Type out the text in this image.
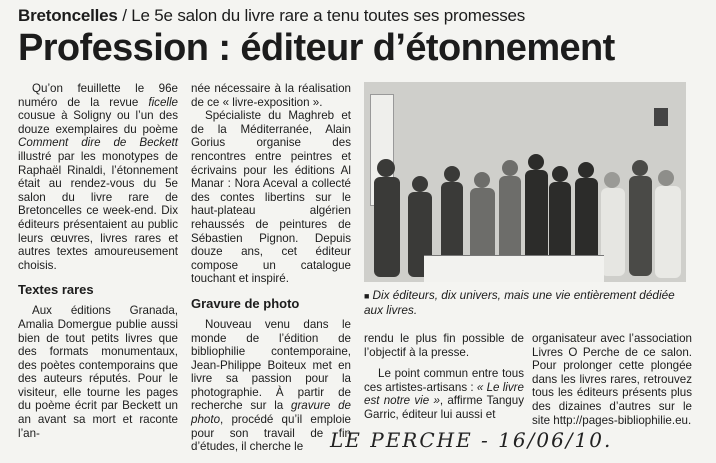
Bretoncelles / Le 5e salon du livre rare a tenu toutes ses promesses
Profession : éditeur d’étonnement

Qu’on feuillette le 96e numéro de la revue ficelle cousue à Soligny ou l’un des douze exemplaires du poème Comment dire de Beckett illustré par les monotypes de Raphaël Rinaldi, l’étonnement était au rendez-vous du 5e salon du livre rare de Bretoncelles ce week-end. Dix éditeurs présentaient au public leurs œuvres, livres rares et autres textes amoureusement choisis.

Textes rares

Aux éditions Granada, Amalia Domergue publie aussi bien de tout petits livres que des formats monumentaux, des poètes contemporains que des auteurs réputés. Pour le visiteur, elle tourne les pages du poème écrit par Beckett un an avant sa mort et raconte l’an-

née nécessaire à la réalisation de ce « livre-exposition ».

Spécialiste du Maghreb et de la Méditerranée, Alain Gorius organise des rencontres entre peintres et écrivains pour les éditions Al Manar : Nora Aceval a collecté des contes libertins sur le haut-plateau algérien rehaussés de peintures de Sébastien Pignon. Depuis douze ans, cet éditeur compose un catalogue touchant et inspiré.

Gravure de photo

Nouveau venu dans le monde de l’édition de bibliophilie contemporaine, Jean-Philippe Boiteux met en livre sa passion pour la photographie. À partir de recherche sur la gravure de photo, procédé qu’il emploie pour son travail de fin d’études, il cherche le

■ Dix éditeurs, dix univers, mais une vie entièrement dédiée aux livres.

rendu le plus fin possible de l’objectif à la presse.

Le point commun entre tous ces artistes-artisans : « Le livre est notre vie », affirme Tanguy Garric, éditeur lui aussi et

organisateur avec l’association Livres O Perche de ce salon. Pour prolonger cette plongée dans les livres rares, retrouvez tous les éditeurs présents plus des dizaines d’autres sur le site http://pages-bibliophilie.eu.

LE PERCHE - 16/06/10.
